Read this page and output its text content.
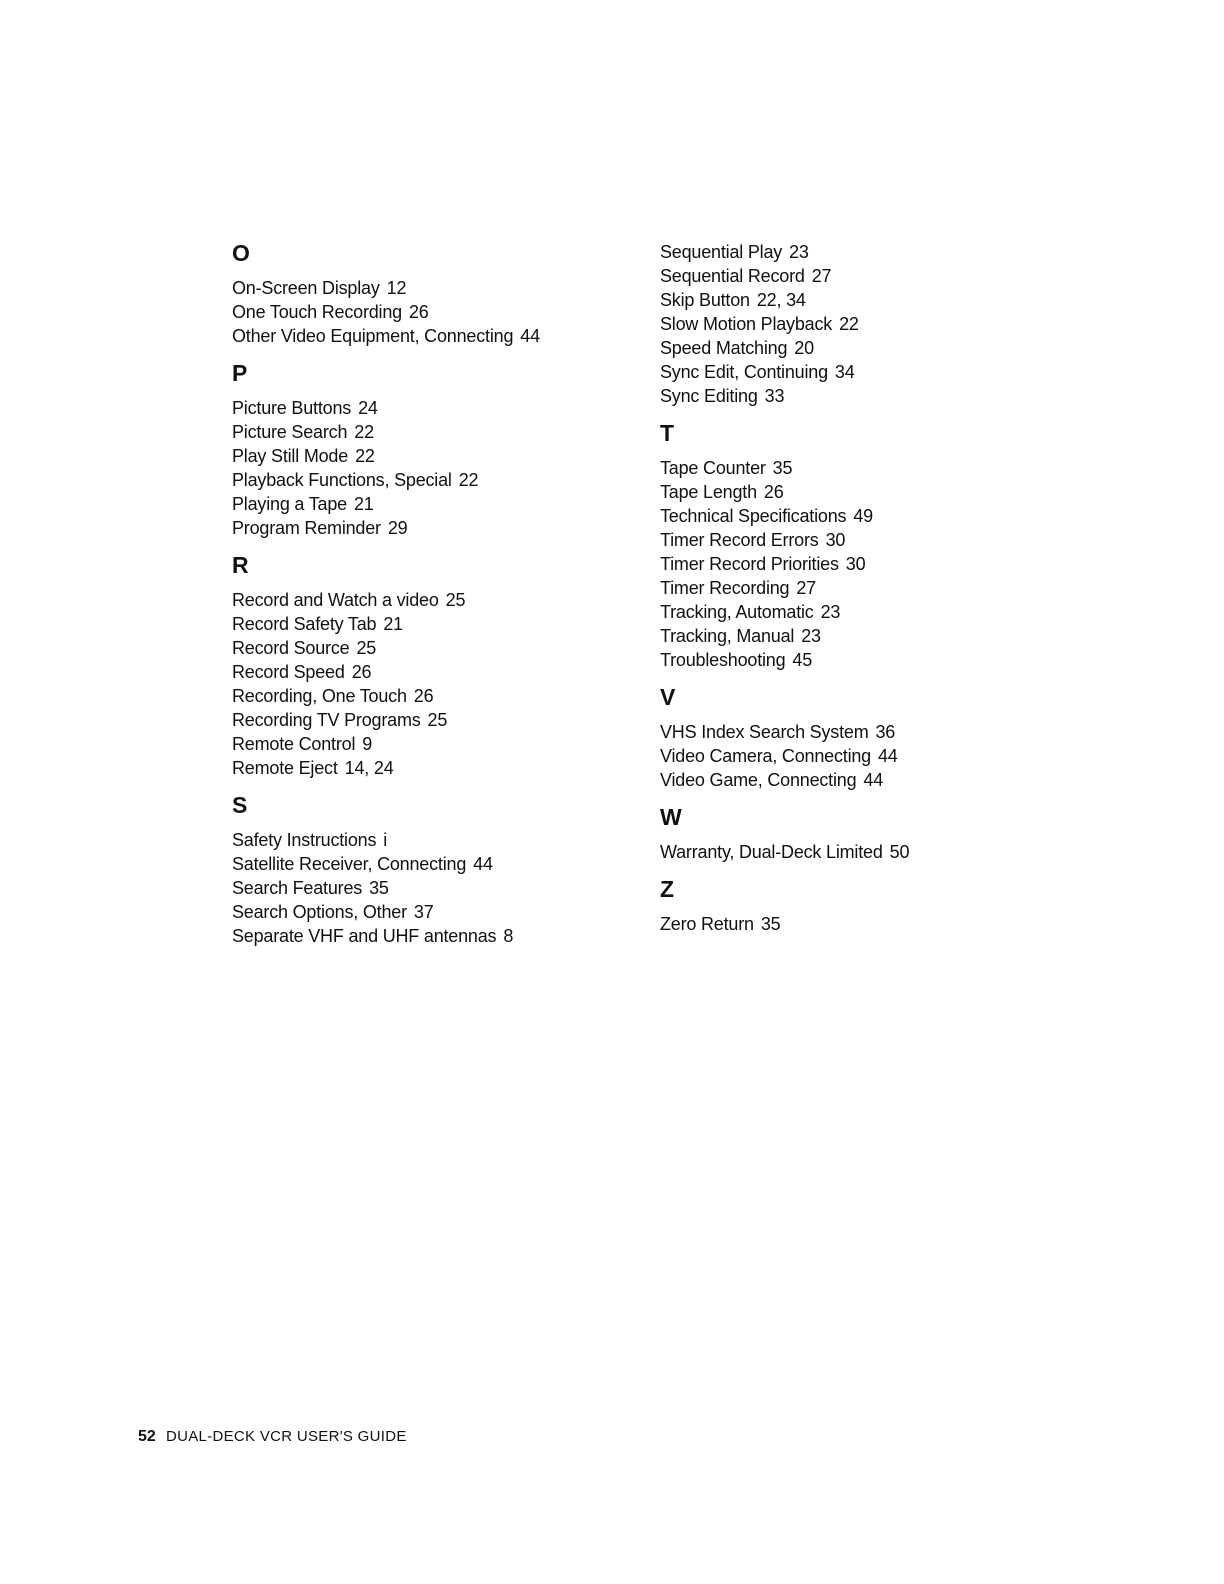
O
On-Screen Display 12
One Touch Recording 26
Other Video Equipment, Connecting 44
P
Picture Buttons 24
Picture Search 22
Play Still Mode 22
Playback Functions, Special 22
Playing a Tape 21
Program Reminder 29
R
Record and Watch a video 25
Record Safety Tab 21
Record Source 25
Record Speed 26
Recording, One Touch 26
Recording TV Programs 25
Remote Control 9
Remote Eject 14, 24
S
Safety Instructions i
Satellite Receiver, Connecting 44
Search Features 35
Search Options, Other 37
Separate VHF and UHF antennas 8
Sequential Play 23
Sequential Record 27
Skip Button 22, 34
Slow Motion Playback 22
Speed Matching 20
Sync Edit, Continuing 34
Sync Editing 33
T
Tape Counter 35
Tape Length 26
Technical Specifications 49
Timer Record Errors 30
Timer Record Priorities 30
Timer Recording 27
Tracking, Automatic 23
Tracking, Manual 23
Troubleshooting 45
V
VHS Index Search System 36
Video Camera, Connecting 44
Video Game, Connecting 44
W
Warranty, Dual-Deck Limited 50
Z
Zero Return 35
52 DUAL-DECK VCR USER'S GUIDE
